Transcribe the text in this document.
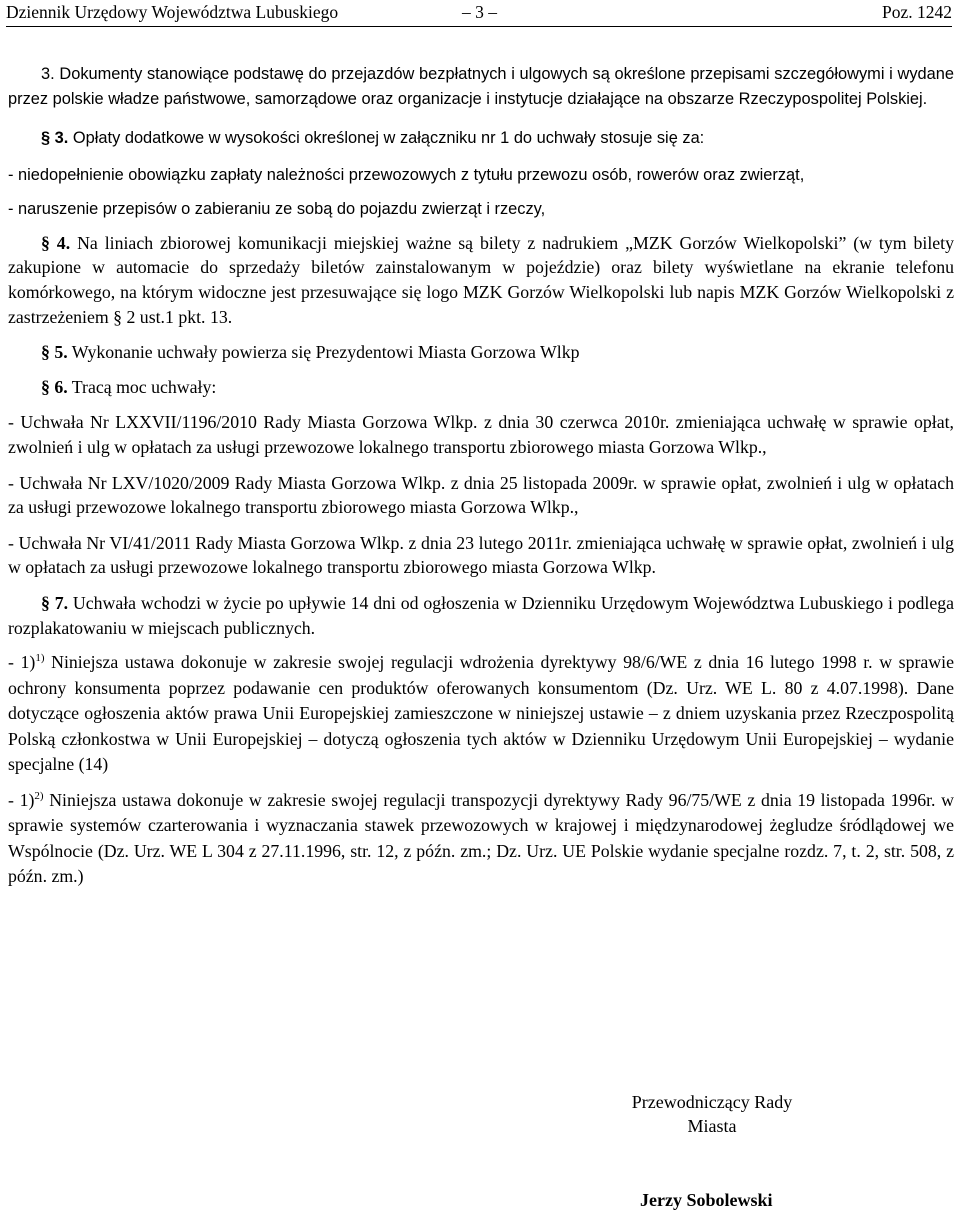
Dziennik Urzędowy Województwa Lubuskiego	– 3 –	Poz. 1242

3. Dokumenty stanowiące podstawę do przejazdów bezpłatnych i ulgowych są określone przepisami szczegółowymi i wydane przez polskie władze państwowe, samorządowe oraz organizacje i instytucje działające na obszarze Rzeczypospolitej Polskiej.

§ 3. Opłaty dodatkowe w wysokości określonej w załączniku nr 1 do uchwały stosuje się za:

- niedopełnienie obowiązku zapłaty należności przewozowych z tytułu przewozu osób, rowerów oraz zwierząt,

- naruszenie przepisów o zabieraniu ze sobą do pojazdu zwierząt i rzeczy,

§ 4. Na liniach zbiorowej komunikacji miejskiej ważne są bilety z nadrukiem „MZK Gorzów Wielkopolski” (w tym bilety zakupione w automacie do sprzedaży biletów zainstalowanym w pojeździe) oraz bilety wyświetlane na ekranie telefonu komórkowego, na którym widoczne jest przesuwające się logo MZK Gorzów Wielkopolski lub napis MZK Gorzów Wielkopolski z zastrzeżeniem § 2 ust.1 pkt. 13.

§ 5. Wykonanie uchwały powierza się Prezydentowi Miasta Gorzowa Wlkp

§ 6. Tracą moc uchwały:

- Uchwała Nr LXXVII/1196/2010 Rady Miasta Gorzowa Wlkp. z dnia 30 czerwca 2010r. zmieniająca uchwałę w sprawie opłat, zwolnień i ulg w opłatach za usługi przewozowe lokalnego transportu zbiorowego miasta Gorzowa Wlkp.,

- Uchwała Nr LXV/1020/2009 Rady Miasta Gorzowa Wlkp. z dnia 25 listopada 2009r. w sprawie opłat, zwolnień i ulg w opłatach za usługi przewozowe lokalnego transportu zbiorowego miasta Gorzowa Wlkp.,

- Uchwała Nr VI/41/2011 Rady Miasta Gorzowa Wlkp. z dnia 23 lutego 2011r. zmieniająca uchwałę w sprawie opłat, zwolnień i ulg w opłatach za usługi przewozowe lokalnego transportu zbiorowego miasta Gorzowa Wlkp.

§ 7. Uchwała wchodzi w życie po upływie 14 dni od ogłoszenia w Dzienniku Urzędowym Województwa Lubuskiego i podlega rozplakatowaniu w miejscach publicznych.

- 1)$^{1)}$ Niniejsza ustawa dokonuje w zakresie swojej regulacji wdrożenia dyrektywy 98/6/WE z dnia 16 lutego 1998 r. w sprawie ochrony konsumenta poprzez podawanie cen produktów oferowanych konsumentom (Dz. Urz. WE L. 80 z 4.07.1998). Dane dotyczące ogłoszenia aktów prawa Unii Europejskiej zamieszczone w niniejszej ustawie – z dniem uzyskania przez Rzeczpospolitą Polską członkostwa w Unii Europejskiej – dotyczą ogłoszenia tych aktów w Dzienniku Urzędowym Unii Europejskiej – wydanie specjalne (14)

- 1)$^{2)}$ Niniejsza ustawa dokonuje w zakresie swojej regulacji transpozycji dyrektywy Rady 96/75/WE z dnia 19 listopada 1996r. w sprawie systemów czarterowania i wyznaczania stawek przewozowych w krajowej i międzynarodowej żegludze śródlądowej we Wspólnocie (Dz. Urz. WE L 304 z 27.11.1996, str. 12, z późn. zm.; Dz. Urz. UE Polskie wydanie specjalne rozdz. 7, t. 2, str. 508, z późn. zm.)

Przewodniczący Rady
Miasta
Jerzy Sobolewski
